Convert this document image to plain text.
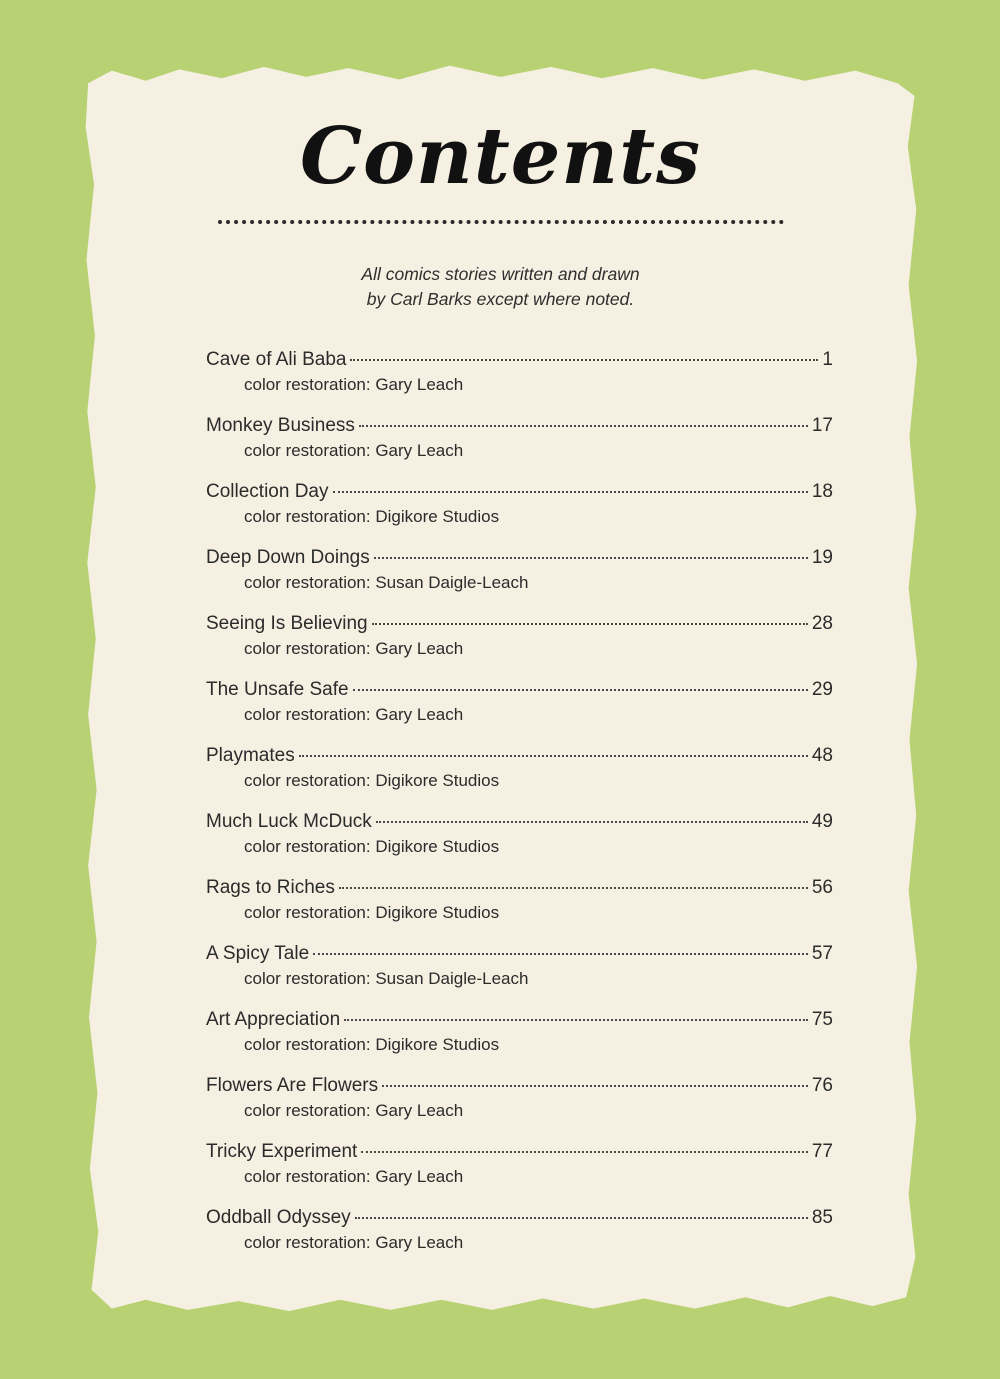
Contents

All comics stories written and drawn
by Carl Barks except where noted.

Cave of Ali Baba	1
color restoration: Gary Leach
Monkey Business	17
color restoration: Gary Leach
Collection Day	18
color restoration: Digikore Studios
Deep Down Doings	19
color restoration: Susan Daigle-Leach
Seeing Is Believing	28
color restoration: Gary Leach
The Unsafe Safe	29
color restoration: Gary Leach
Playmates	48
color restoration: Digikore Studios
Much Luck McDuck	49
color restoration: Digikore Studios
Rags to Riches	56
color restoration: Digikore Studios
A Spicy Tale	57
color restoration: Susan Daigle-Leach
Art Appreciation	75
color restoration: Digikore Studios
Flowers Are Flowers	76
color restoration: Gary Leach
Tricky Experiment	77
color restoration: Gary Leach
Oddball Odyssey	85
color restoration: Gary Leach
